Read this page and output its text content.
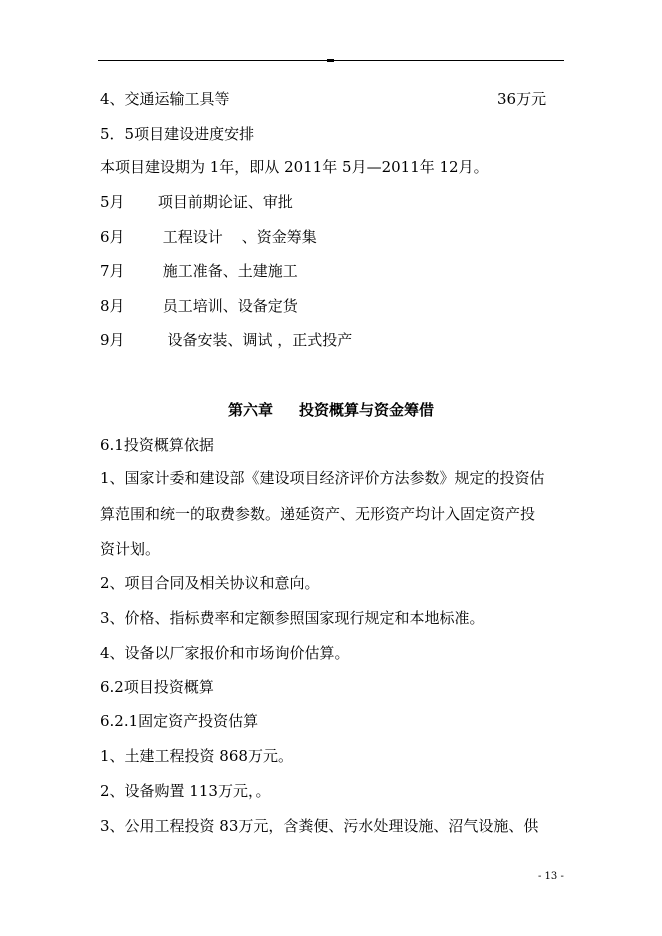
4、交通运输工具等	36万元
5．5项目建设进度安排
本项目建设期为 1年，即从 2011年 5月—2011年 12月。
5月       项目前期论证、审批
6月        工程设计    、资金筹集
7月        施工准备、土建施工
8月        员工培训、设备定货
9月         设备安装、调试 ，正式投产
第六章     投资概算与资金筹借
6.1投资概算依据
1、国家计委和建设部《建设项目经济评价方法参数》规定的投资估
算范围和统一的取费参数。递延资产、无形资产均计入固定资产投
资计划。
2、项目合同及相关协议和意向。
3、价格、指标费率和定额参照国家现行规定和本地标准。
4、设备以厂家报价和市场询价估算。
6.2项目投资概算
6.2.1固定资产投资估算
1、土建工程投资 868万元。
2、设备购置 113万元，。
3、公用工程投资 83万元，含粪便、污水处理设施、沼气设施、供
- 13 -
